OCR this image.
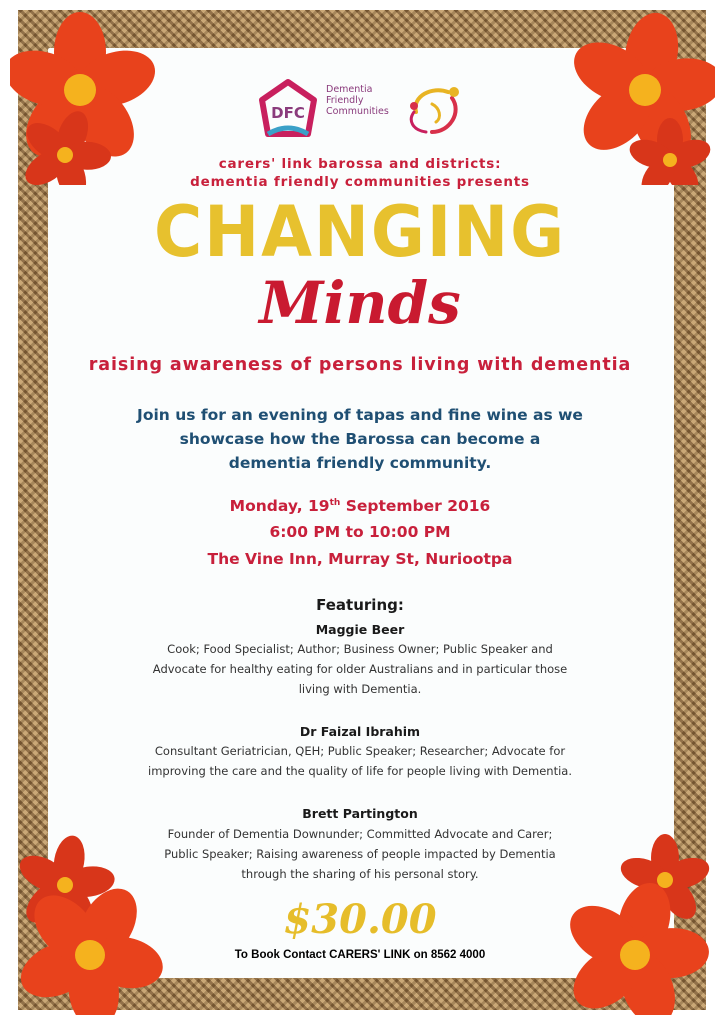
DFC
Dementia
Friendly
Communities
carers' link barossa and districts:
dementia friendly communities presents
CHANGING
Minds
raising awareness of persons living with dementia
Join us for an evening of tapas and fine wine as we
showcase how the Barossa can become a
dementia friendly community.
Monday, 19th September 2016
6:00 PM to 10:00 PM
The Vine Inn, Murray St, Nuriootpa
Featuring:
Maggie Beer
Cook; Food Specialist; Author; Business Owner; Public Speaker and
Advocate for healthy eating for older Australians and in particular those
living with Dementia.
Dr Faizal Ibrahim
Consultant Geriatrician, QEH; Public Speaker; Researcher; Advocate for
improving the care and the quality of life for people living with Dementia.
Brett Partington
Founder of Dementia Downunder; Committed Advocate and Carer;
Public Speaker; Raising awareness of people impacted by Dementia
through the sharing of his personal story.
$30.00
To Book Contact CARERS' LINK on 8562 4000
